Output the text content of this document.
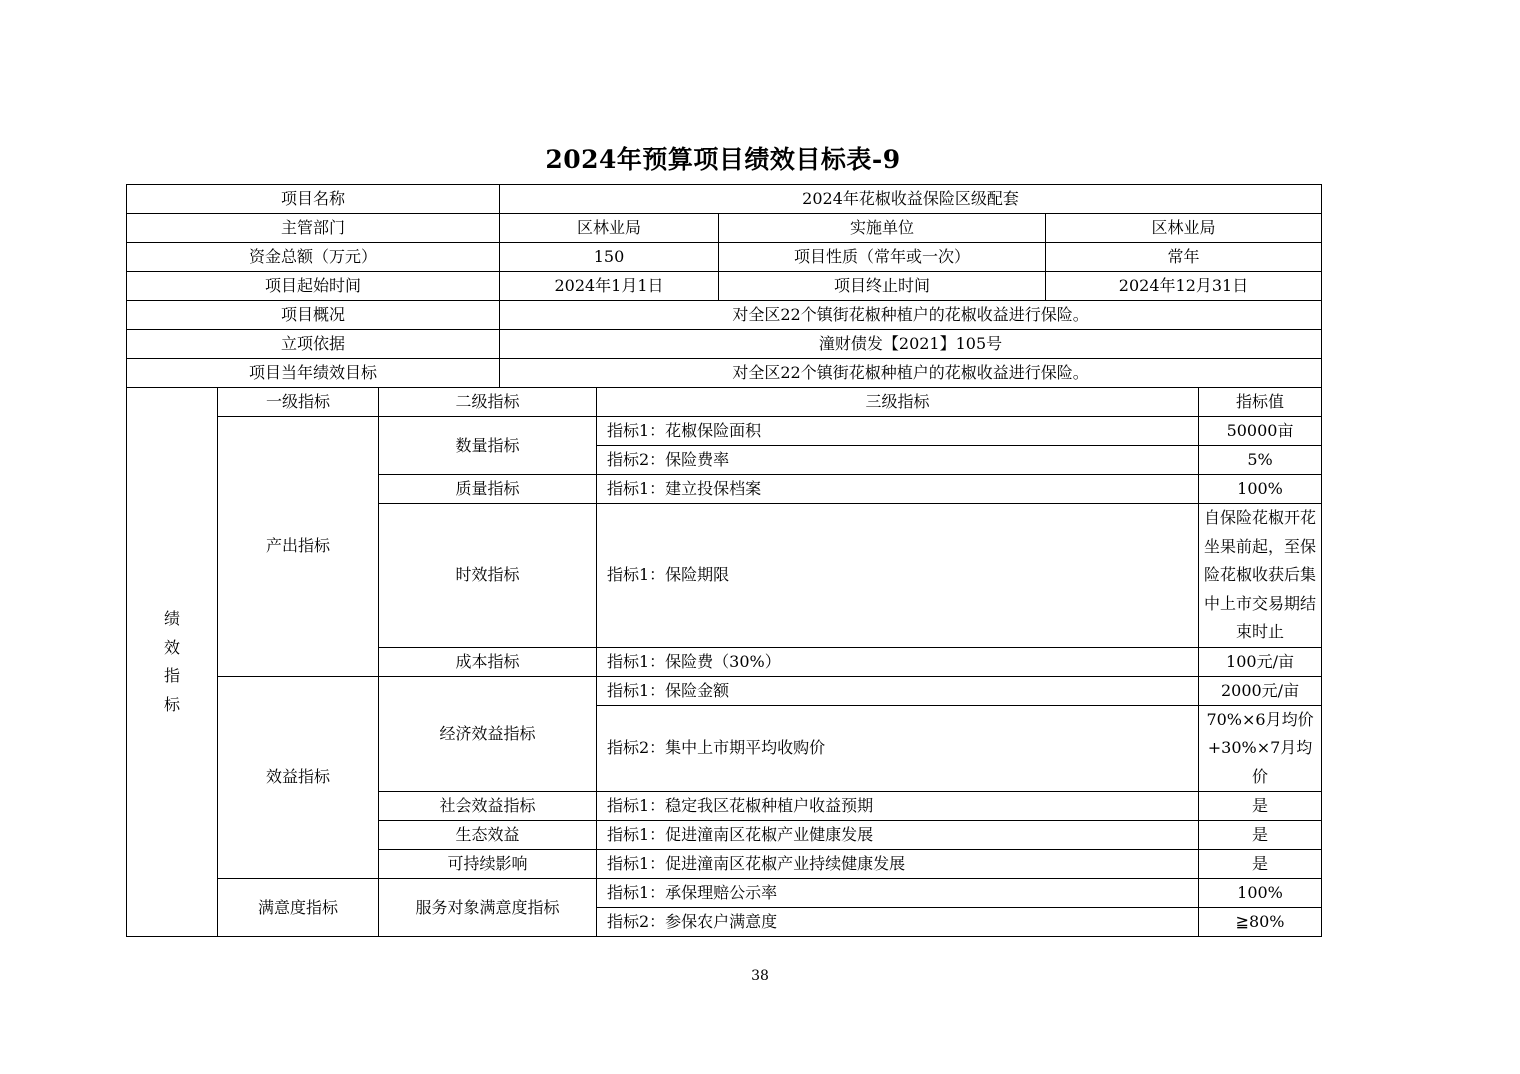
2024年预算项目绩效目标表-9
项目名称			2024年花椒收益保险区级配套				
主管部门			区林业局		实施单位	区林业局	
资金总额（万元）			150		项目性质（常年或一次）	常年	
项目起始时间			2024年1月1日		项目终止时间	2024年12月31日	
项目概况			对全区22个镇街花椒种植户的花椒收益进行保险。				
立项依据			潼财债发【2021】105号				
项目当年绩效目标			对全区22个镇街花椒种植户的花椒收益进行保险。				
绩效指标	一级指标	二级指标		三级指标			指标值
	产出指标	数量指标		指标1：花椒保险面积			50000亩
				指标2：保险费率			5%
		质量指标		指标1：建立投保档案			100%
		时效指标		指标1：保险期限			自保险花椒开花坐果前起，至保险花椒收获后集中上市交易期结束时止

		成本指标		指标1：保险费（30%）			100元/亩
	效益指标	经济效益指标		指标1：保险金额			2000元/亩
				指标2：集中上市期平均收购价			70%×6月均价+30%×7月均价

		社会效益指标		指标1：稳定我区花椒种植户收益预期			是
		生态效益		指标1：促进潼南区花椒产业健康发展			是
		可持续影响		指标1：促进潼南区花椒产业持续健康发展			是
	满意度指标	服务对象满意度指标		指标1：承保理赔公示率			100%
				指标2：参保农户满意度			≧80%
38
